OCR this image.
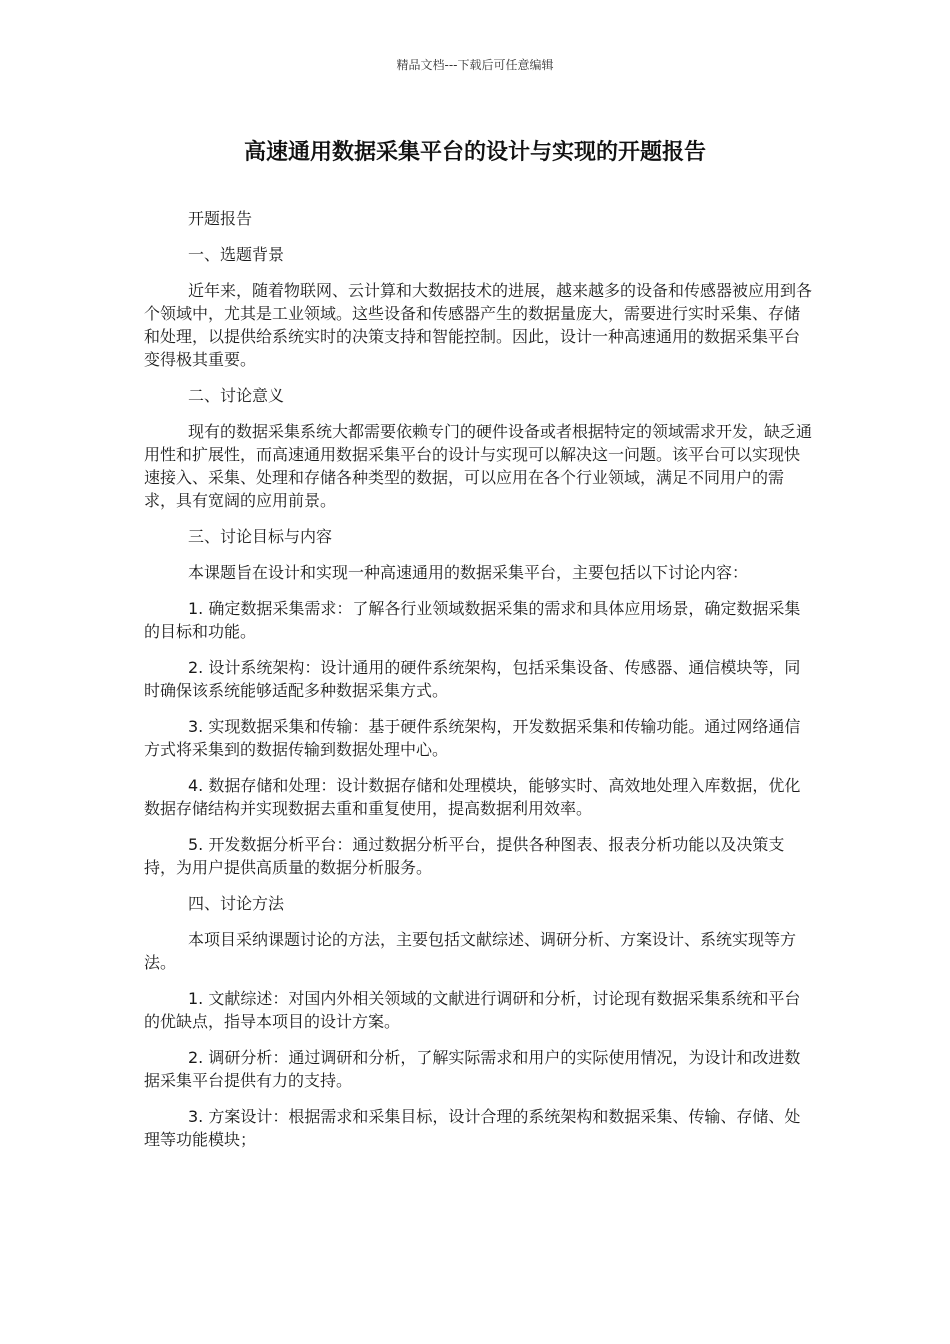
精品文档---下载后可任意编辑
高速通用数据采集平台的设计与实现的开题报告

开题报告

一、选题背景

近年来，随着物联网、云计算和大数据技术的进展，越来越多的设备和传感器被应用到各个领域中，尤其是工业领域。这些设备和传感器产生的数据量庞大，需要进行实时采集、存储和处理，以提供给系统实时的决策支持和智能控制。因此，设计一种高速通用的数据采集平台变得极其重要。

二、讨论意义

现有的数据采集系统大都需要依赖专门的硬件设备或者根据特定的领域需求开发，缺乏通用性和扩展性，而高速通用数据采集平台的设计与实现可以解决这一问题。该平台可以实现快速接入、采集、处理和存储各种类型的数据，可以应用在各个行业领域，满足不同用户的需求，具有宽阔的应用前景。

三、讨论目标与内容

本课题旨在设计和实现一种高速通用的数据采集平台，主要包括以下讨论内容：

1. 确定数据采集需求：了解各行业领域数据采集的需求和具体应用场景，确定数据采集的目标和功能。

2. 设计系统架构：设计通用的硬件系统架构，包括采集设备、传感器、通信模块等，同时确保该系统能够适配多种数据采集方式。

3. 实现数据采集和传输：基于硬件系统架构，开发数据采集和传输功能。通过网络通信方式将采集到的数据传输到数据处理中心。

4. 数据存储和处理：设计数据存储和处理模块，能够实时、高效地处理入库数据，优化数据存储结构并实现数据去重和重复使用，提高数据利用效率。

5. 开发数据分析平台：通过数据分析平台，提供各种图表、报表分析功能以及决策支持，为用户提供高质量的数据分析服务。

四、讨论方法

本项目采纳课题讨论的方法，主要包括文献综述、调研分析、方案设计、系统实现等方法。

1. 文献综述：对国内外相关领域的文献进行调研和分析，讨论现有数据采集系统和平台的优缺点，指导本项目的设计方案。

2. 调研分析：通过调研和分析，了解实际需求和用户的实际使用情况，为设计和改进数据采集平台提供有力的支持。

3. 方案设计：根据需求和采集目标，设计合理的系统架构和数据采集、传输、存储、处理等功能模块；
